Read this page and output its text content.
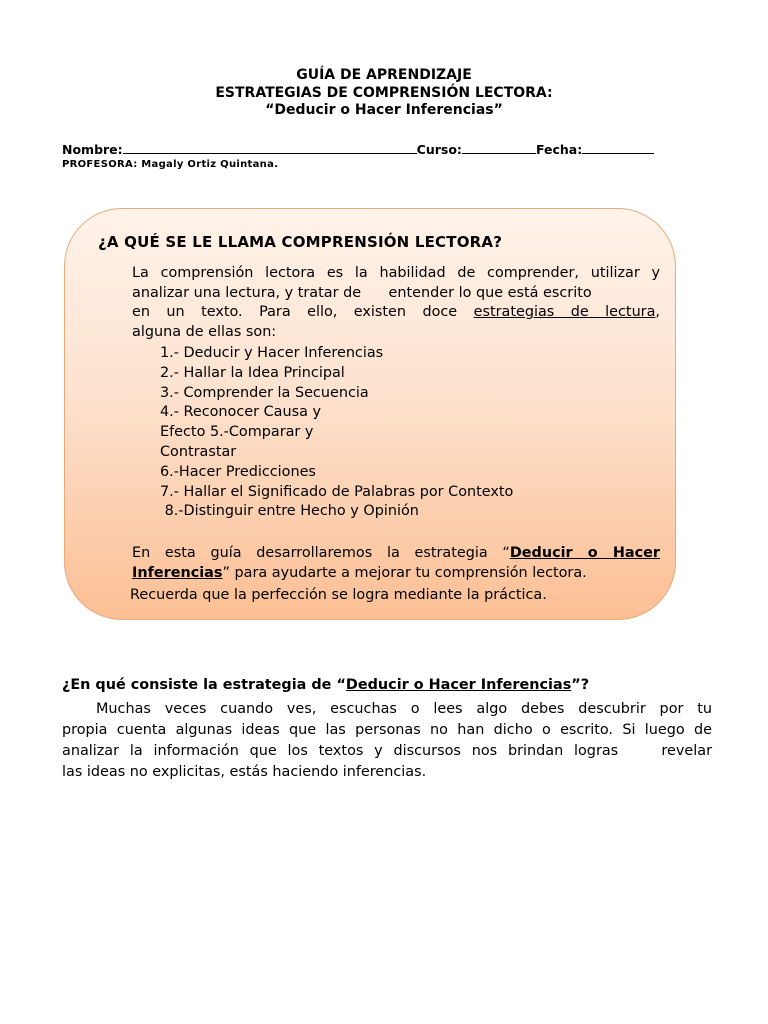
GUÍA DE APRENDIZAJE
ESTRATEGIAS DE COMPRENSIÓN LECTORA:
“Deducir o Hacer Inferencias”
Nombre:	Curso:	Fecha:
PROFESORA: Magaly Ortiz Quintana.
¿A QUÉ SE LE LLAMA COMPRENSIÓN LECTORA?
La comprensión lectora es la habilidad de comprender, utilizar y
analizar una lectura, y tratar de      entender lo que está escrito
en un texto. Para ello, existen doce estrategias de lectura,
alguna de ellas son:
1.- Deducir y Hacer Inferencias
2.- Hallar la Idea Principal
3.- Comprender la Secuencia
4.- Reconocer Causa y
Efecto 5.-Comparar y
Contrastar
6.-Hacer Predicciones
7.- Hallar el Significado de Palabras por Contexto
8.-Distinguir entre Hecho y Opinión
En esta guía desarrollaremos la estrategia “Deducir o Hacer
Inferencias” para ayudarte a mejorar tu comprensión lectora.
Recuerda que la perfección se logra mediante la práctica.
¿En qué consiste la estrategia de “Deducir o Hacer Inferencias”?
Muchas veces cuando ves, escuchas o lees algo debes descubrir por tu
propia cuenta algunas ideas que las personas no han dicho o escrito. Si luego de
analizar la información que los textos y discursos nos brindan logras    revelar
las ideas no explicitas, estás haciendo inferencias.
